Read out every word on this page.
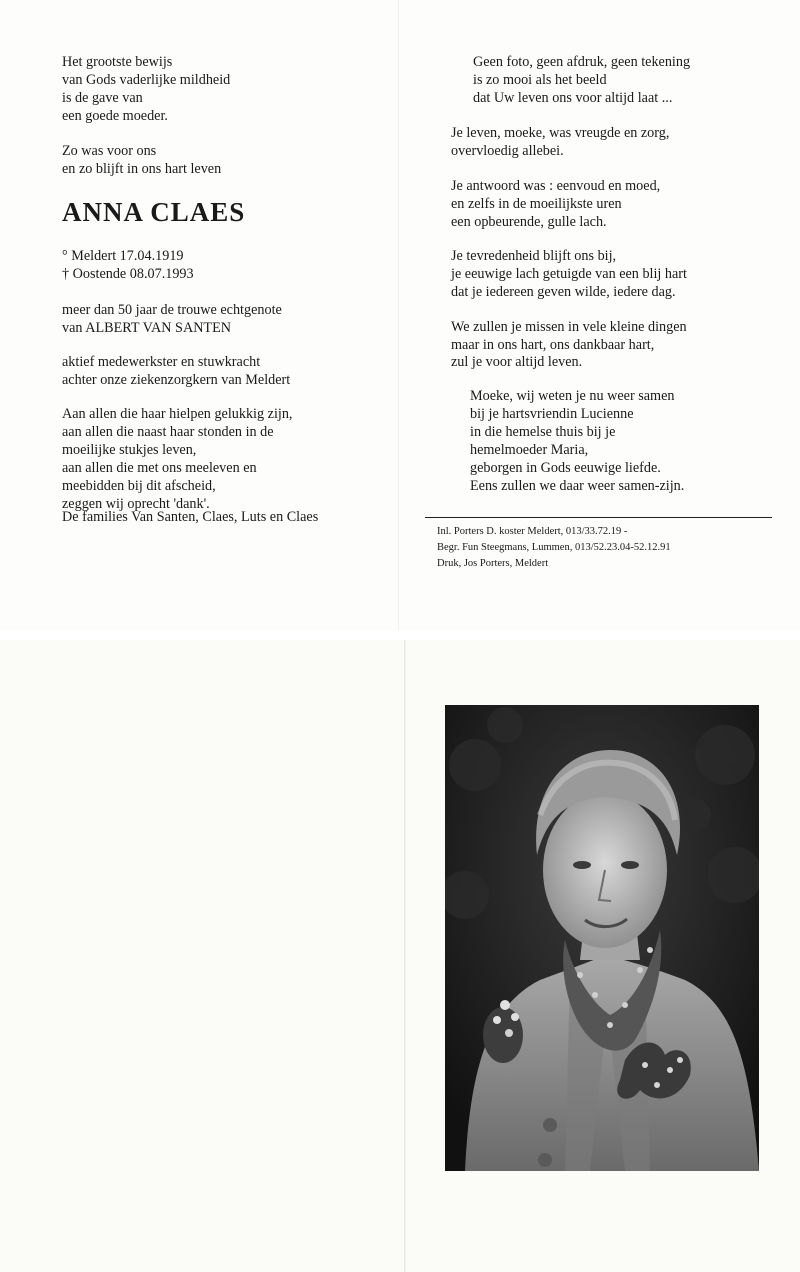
Het grootste bewijs
van Gods vaderlijke mildheid
is de gave van
een goede moeder.
Zo was voor ons
en zo blijft in ons hart leven
ANNA CLAES
° Meldert 17.04.1919
† Oostende 08.07.1993
meer dan 50 jaar de trouwe echtgenote
van ALBERT VAN SANTEN
aktief medewerkster en stuwkracht
achter onze ziekenzorgkern van Meldert
Aan allen die haar hielpen gelukkig zijn,
aan allen die naast haar stonden in de
moeilijke stukjes leven,
aan allen die met ons meeleven en
meebidden bij dit afscheid,
zeggen wij oprecht 'dank'.
De families Van Santen, Claes, Luts en Claes
Geen foto, geen afdruk, geen tekening
is zo mooi als het beeld
dat Uw leven ons voor altijd laat ...
Je leven, moeke, was vreugde en zorg,
overvloedig allebei.
Je antwoord was : eenvoud en moed,
en zelfs in de moeilijkste uren
een opbeurende, gulle lach.
Je tevredenheid blijft ons bij,
je eeuwige lach getuigde van een blij hart
dat je iedereen geven wilde, iedere dag.
We zullen je missen in vele kleine dingen
maar in ons hart, ons dankbaar hart,
zul je voor altijd leven.
Moeke, wij weten je nu weer samen
bij je hartsvriendin Lucienne
in die hemelse thuis bij je
hemelmoeder Maria,
geborgen in Gods eeuwige liefde.
Eens zullen we daar weer samen-zijn.
Inl. Porters D. koster Meldert, 013/33.72.19 -
Begr. Fun Steegmans, Lummen, 013/52.23.04-52.12.91
Druk, Jos Porters, Meldert
